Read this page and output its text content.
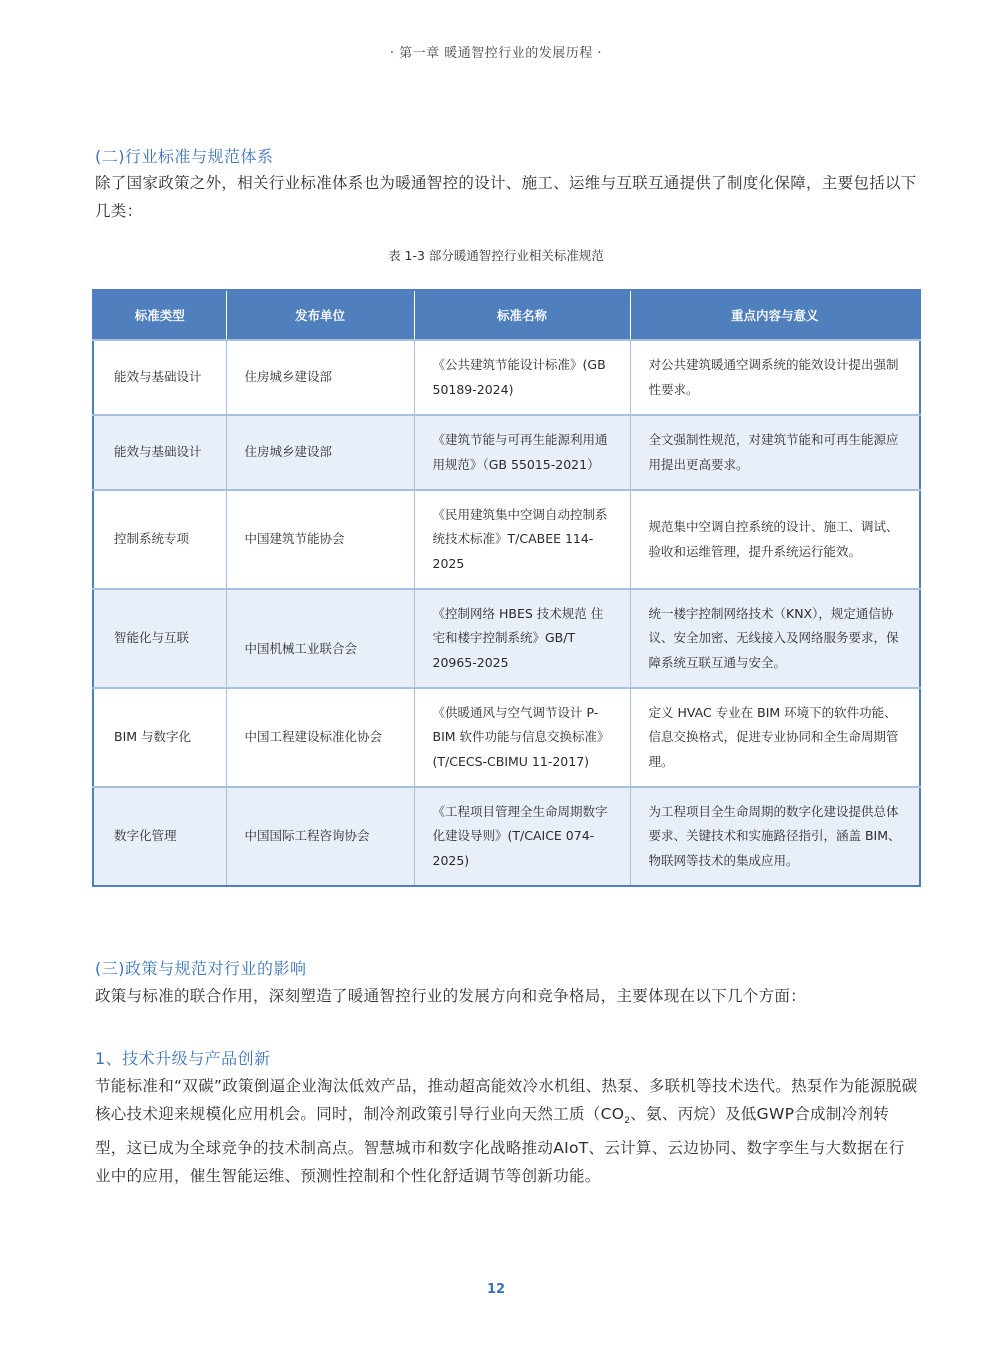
· 第一章 暖通智控行业的发展历程 ·
(二)行业标准与规范体系
除了国家政策之外，相关行业标准体系也为暖通智控的设计、施工、运维与互联互通提供了制度化保障，主要包括以下几类：
表 1-3 部分暖通智控行业相关标准规范
标准类型	发布单位	标准名称	重点内容与意义
能效与基础设计	住房城乡建设部	《公共建筑节能设计标准》(GB 50189-2024)	对公共建筑暖通空调系统的能效设计提出强制性要求。
能效与基础设计	住房城乡建设部	《建筑节能与可再生能源利用通用规范》（GB 55015-2021）	全文强制性规范，对建筑节能和可再生能源应用提出更高要求。
控制系统专项	中国建筑节能协会	《民用建筑集中空调自动控制系统技术标准》T/CABEE 114-2025	规范集中空调自控系统的设计、施工、调试、验收和运维管理，提升系统运行能效。
智能化与互联	中国机械工业联合会	《控制网络 HBES 技术规范 住宅和楼宇控制系统》GB/T 20965-2025	统一楼宇控制网络技术（KNX），规定通信协议、安全加密、无线接入及网络服务要求，保障系统互联互通与安全。
BIM 与数字化	中国工程建设标准化协会	《供暖通风与空气调节设计 P-BIM 软件功能与信息交换标准》(T/CECS-CBIMU 11-2017)	定义 HVAC 专业在 BIM 环境下的软件功能、信息交换格式，促进专业协同和全生命周期管理。
数字化管理	中国国际工程咨询协会	《工程项目管理全生命周期数字化建设导则》(T/CAICE 074-2025)	为工程项目全生命周期的数字化建设提供总体要求、关键技术和实施路径指引，涵盖 BIM、物联网等技术的集成应用。
(三)政策与规范对行业的影响
政策与标准的联合作用，深刻塑造了暖通智控行业的发展方向和竞争格局，主要体现在以下几个方面：
1、技术升级与产品创新
节能标准和“双碳”政策倒逼企业淘汰低效产品，推动超高能效冷水机组、热泵、多联机等技术迭代。热泵作为能源脱碳核心技术迎来规模化应用机会。同时，制冷剂政策引导行业向天然工质（$CO_2$、氨、丙烷）及低GWP合成制冷剂转型，这已成为全球竞争的技术制高点。智慧城市和数字化战略推动AIoT、云计算、云边协同、数字孪生与大数据在行业中的应用，催生智能运维、预测性控制和个性化舒适调节等创新功能。
12
